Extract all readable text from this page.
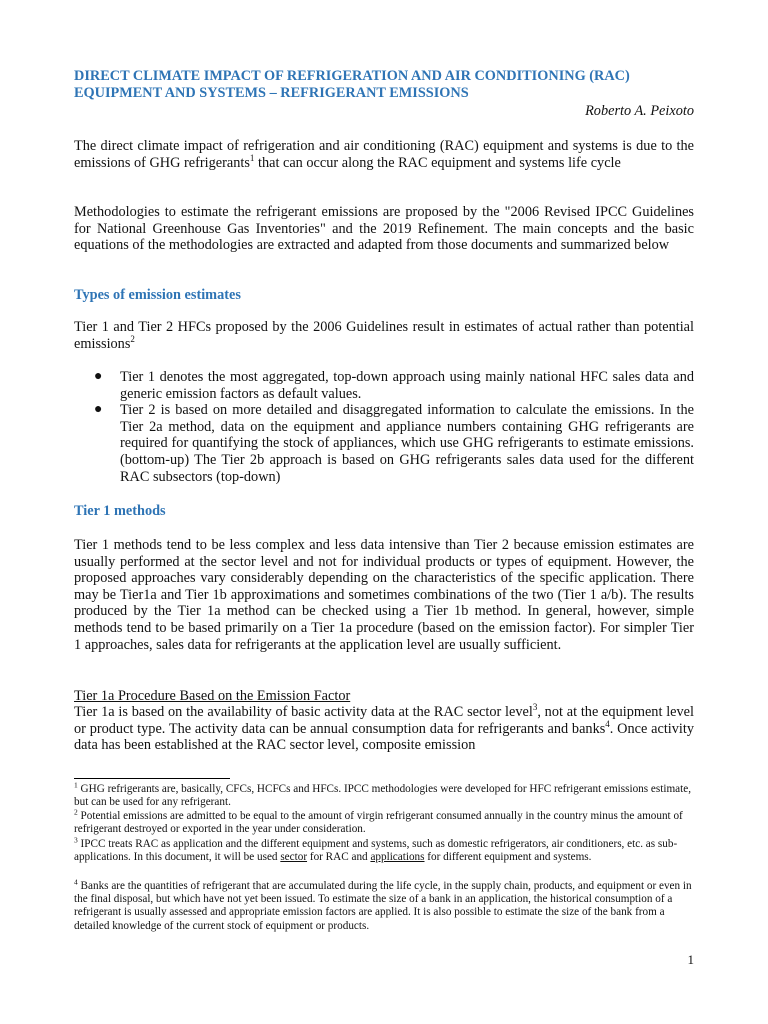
DIRECT CLIMATE IMPACT OF REFRIGERATION AND AIR CONDITIONING (RAC) EQUIPMENT AND SYSTEMS – REFRIGERANT EMISSIONS

Roberto A. Peixoto

The direct climate impact of refrigeration and air conditioning (RAC) equipment and systems is due to the emissions of GHG refrigerants$^1$ that can occur along the RAC equipment and systems life cycle

Methodologies to estimate the refrigerant emissions are proposed by the "2006 Revised IPCC Guidelines for National Greenhouse Gas Inventories" and the 2019 Refinement. The main concepts and the basic equations of the methodologies are extracted and adapted from those documents and summarized below

Types of emission estimates

Tier 1 and Tier 2 HFCs proposed by the 2006 Guidelines result in estimates of actual rather than potential emissions$^2$

● Tier 1 denotes the most aggregated, top-down approach using mainly national HFC sales data and generic emission factors as default values.
● Tier 2 is based on more detailed and disaggregated information to calculate the emissions. In the Tier 2a method, data on the equipment and appliance numbers containing GHG refrigerants are required for quantifying the stock of appliances, which use GHG refrigerants to estimate emissions. (bottom-up) The Tier 2b approach is based on GHG refrigerants sales data used for the different RAC subsectors (top-down)
Tier 1 methods

Tier 1 methods tend to be less complex and less data intensive than Tier 2 because emission estimates are usually performed at the sector level and not for individual products or types of equipment. However, the proposed approaches vary considerably depending on the characteristics of the specific application. There may be Tier1a and Tier 1b approximations and sometimes combinations of the two (Tier 1 a/b). The results produced by the Tier 1a method can be checked using a Tier 1b method. In general, however, simple methods tend to be based primarily on a Tier 1a procedure (based on the emission factor). For simpler Tier 1 approaches, sales data for refrigerants at the application level are usually sufficient.

Tier 1a Procedure Based on the Emission Factor

Tier 1a is based on the availability of basic activity data at the RAC sector level$^3$, not at the equipment level or product type. The activity data can be annual consumption data for refrigerants and banks$^4$. Once activity data has been established at the RAC sector level, composite emission

$^1$ GHG refrigerants are, basically, CFCs, HCFCs and HFCs. IPCC methodologies were developed for HFC refrigerant emissions estimate, but can be used for any refrigerant.

$^2$ Potential emissions are admitted to be equal to the amount of virgin refrigerant consumed annually in the country minus the amount of refrigerant destroyed or exported in the year under consideration.

$^3$ IPCC treats RAC as application and the different equipment and systems, such as domestic refrigerators, air conditioners, etc. as sub-applications. In this document, it will be used sector for RAC and applications for different equipment and systems.

$^4$ Banks are the quantities of refrigerant that are accumulated during the life cycle, in the supply chain, products, and equipment or even in the final disposal, but which have not yet been issued. To estimate the size of a bank in an application, the historical consumption of a refrigerant is usually assessed and appropriate emission factors are applied. It is also possible to estimate the size of the bank from a detailed knowledge of the current stock of equipment or products.

1
